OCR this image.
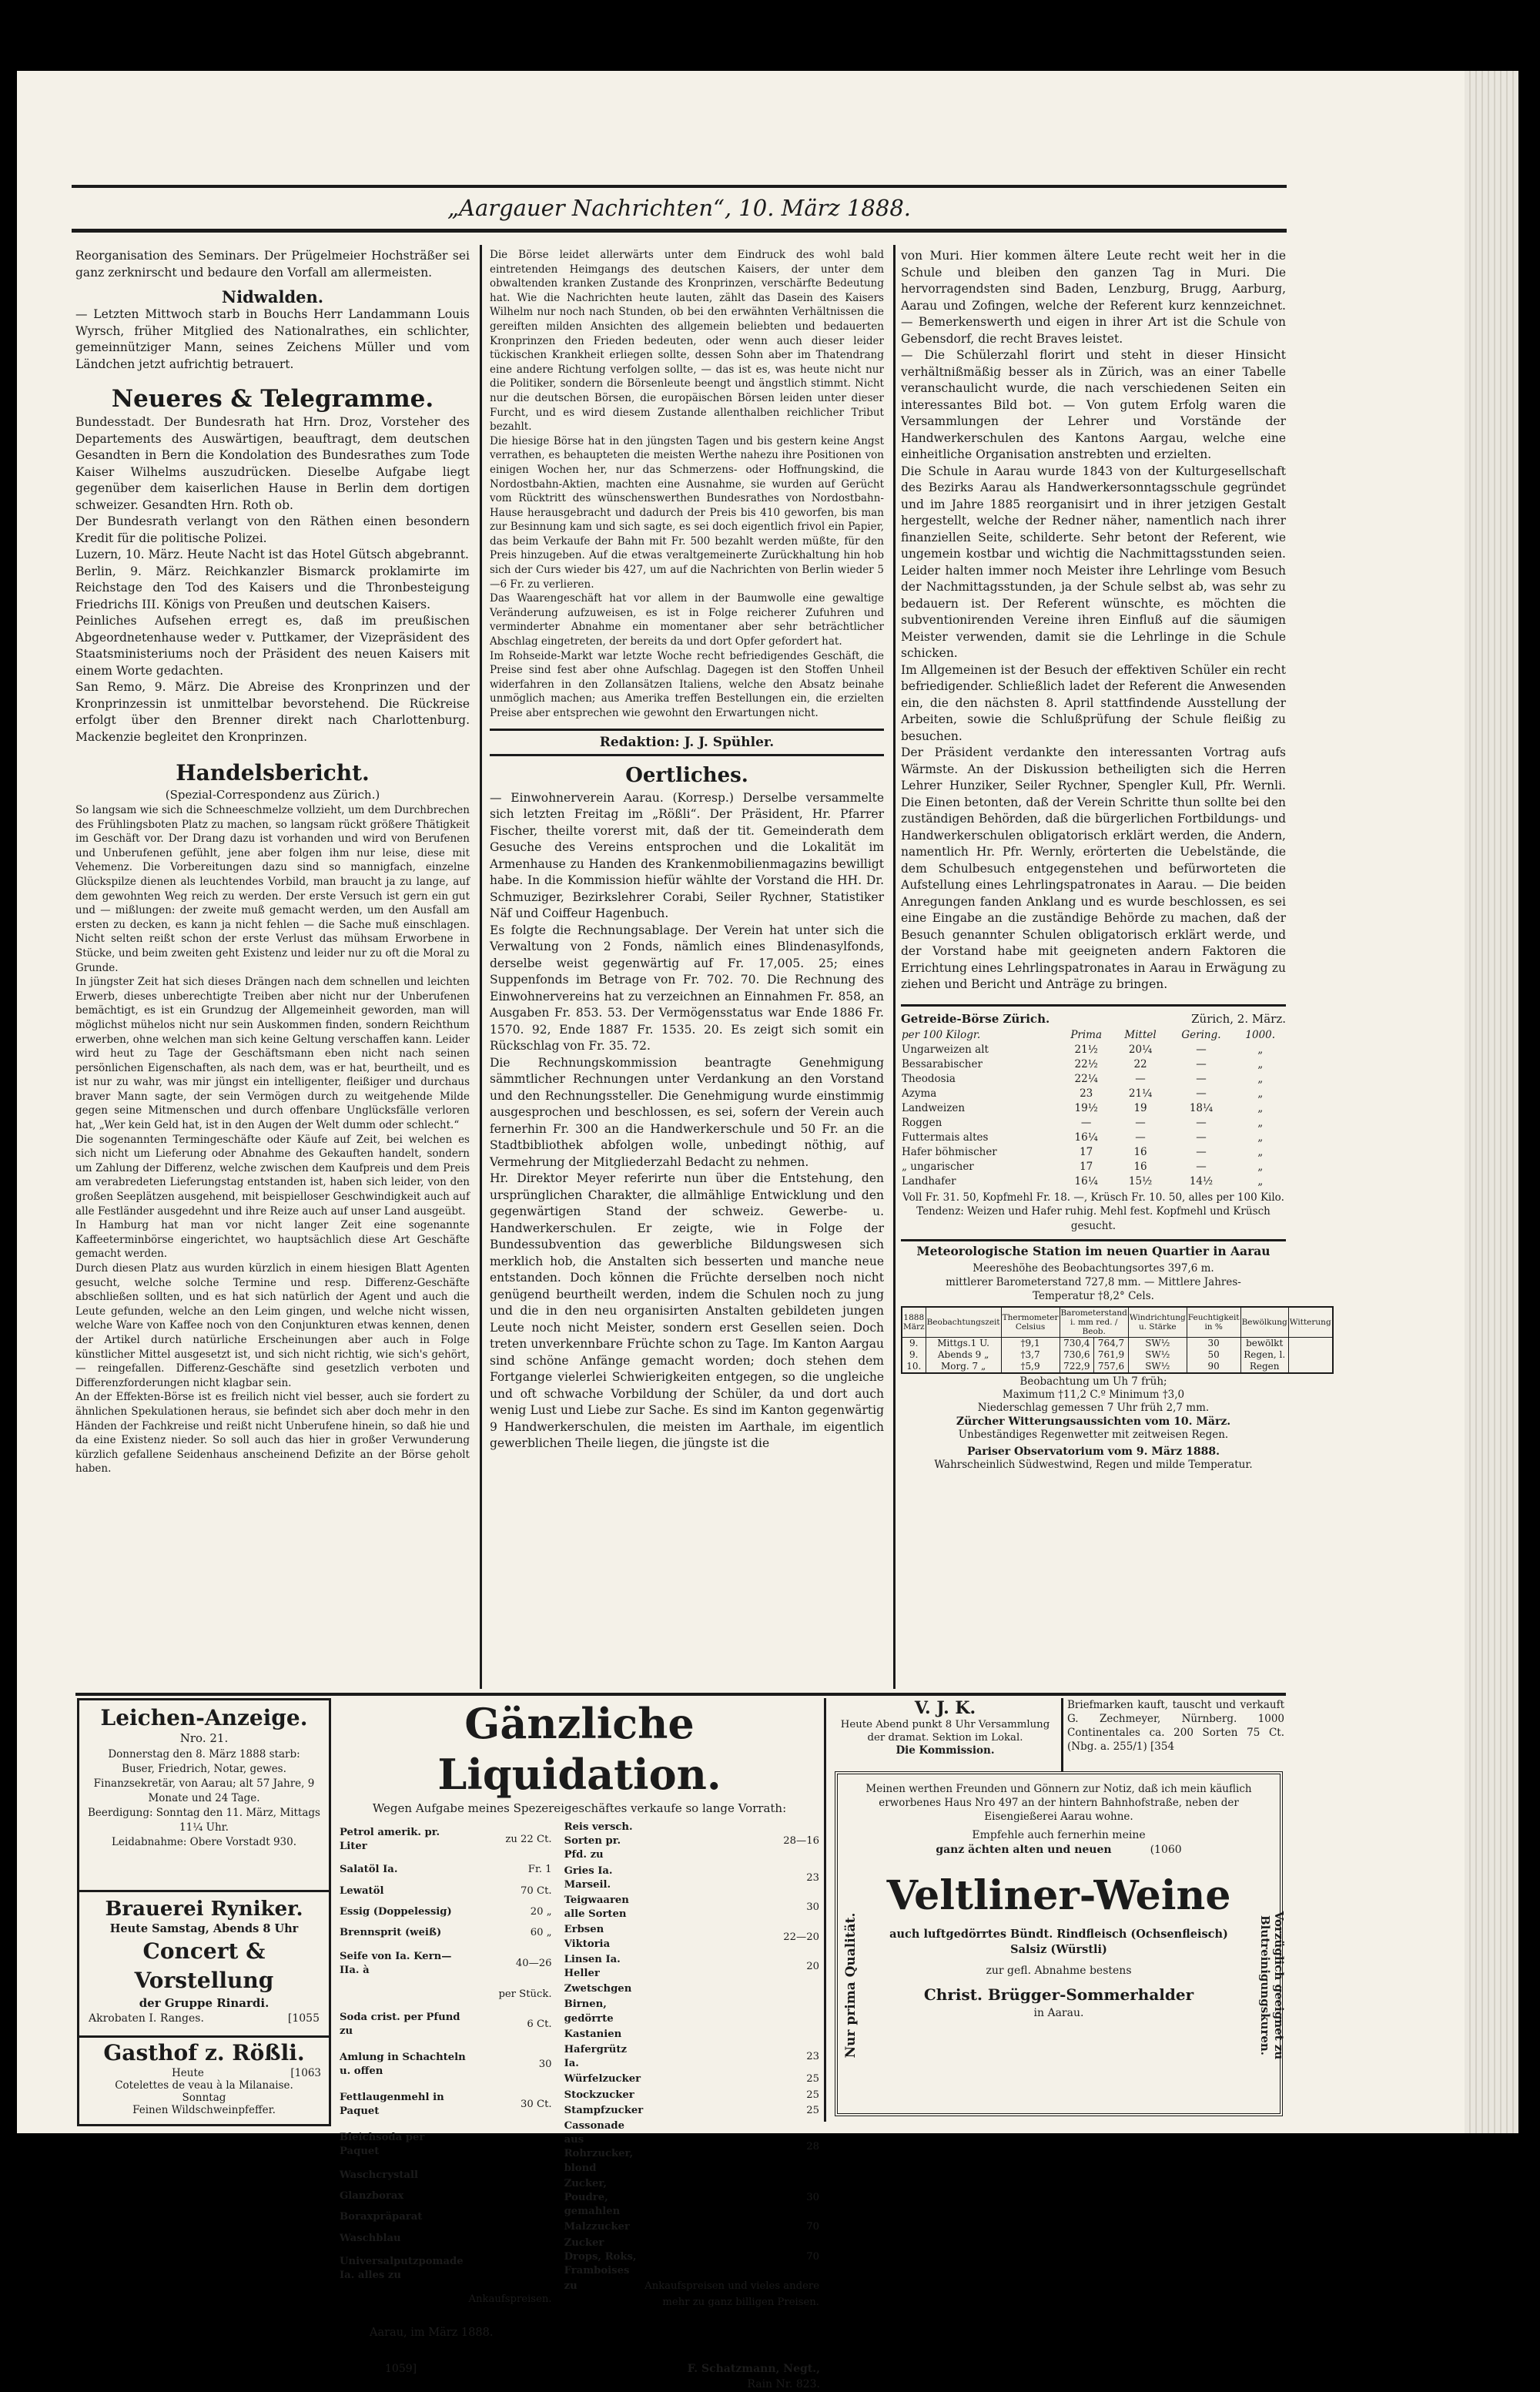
„Aargauer Nachrichten“, 10. März 1888.
Reorganisation des Seminars. Der Prügelmeier Hochsträßer sei ganz zerknirscht und bedaure den Vorfall am allermeisten.
Nidwalden.
— Letzten Mittwoch starb in Bouchs Herr Landammann Louis Wyrsch, früher Mitglied des Nationalrathes, ein schlichter, gemeinnütziger Mann, seines Zeichens Müller und vom Ländchen jetzt aufrichtig betrauert.
Neueres & Telegramme.
Bundesstadt. Der Bundesrath hat Hrn. Droz, Vorsteher des Departements des Auswärtigen, beauftragt, dem deutschen Gesandten in Bern die Kondolation des Bundesrathes zum Tode Kaiser Wilhelms auszudrücken. Dieselbe Aufgabe liegt gegenüber dem kaiserlichen Hause in Berlin dem dortigen schweizer. Gesandten Hrn. Roth ob.
Der Bundesrath verlangt von den Räthen einen besondern Kredit für die politische Polizei.
Luzern, 10. März. Heute Nacht ist das Hotel Gütsch abgebrannt.
Berlin, 9. März. Reichkanzler Bismarck proklamirte im Reichstage den Tod des Kaisers und die Thronbesteigung Friedrichs III. Königs von Preußen und deutschen Kaisers.
Peinliches Aufsehen erregt es, daß im preußischen Abgeordnetenhause weder v. Puttkamer, der Vizepräsident des Staatsministeriums noch der Präsident des neuen Kaisers mit einem Worte gedachten.
San Remo, 9. März. Die Abreise des Kronprinzen und der Kronprinzessin ist unmittelbar bevorstehend. Die Rückreise erfolgt über den Brenner direkt nach Charlottenburg. Mackenzie begleitet den Kronprinzen.
Handelsbericht.
(Spezial-Correspondenz aus Zürich.)
So langsam wie sich die Schneeschmelze vollzieht, um dem Durchbrechen des Frühlingsboten Platz zu machen, so langsam rückt größere Thätigkeit im Geschäft vor. Der Drang dazu ist vorhanden und wird von Berufenen und Unberufenen gefühlt, jene aber folgen ihm nur leise, diese mit Vehemenz. Die Vorbereitungen dazu sind so mannigfach, einzelne Glückspilze dienen als leuchtendes Vorbild, man braucht ja zu lange, auf dem gewohnten Weg reich zu werden. Der erste Versuch ist gern ein gut und — mißlungen: der zweite muß gemacht werden, um den Ausfall am ersten zu decken, es kann ja nicht fehlen — die Sache muß einschlagen. Nicht selten reißt schon der erste Verlust das mühsam Erworbene in Stücke, und beim zweiten geht Existenz und leider nur zu oft die Moral zu Grunde.
In jüngster Zeit hat sich dieses Drängen nach dem schnellen und leichten Erwerb, dieses unberechtigte Treiben aber nicht nur der Unberufenen bemächtigt, es ist ein Grundzug der Allgemeinheit geworden, man will möglichst mühelos nicht nur sein Auskommen finden, sondern Reichthum erwerben, ohne welchen man sich keine Geltung verschaffen kann. Leider wird heut zu Tage der Geschäftsmann eben nicht nach seinen persönlichen Eigenschaften, als nach dem, was er hat, beurtheilt, und es ist nur zu wahr, was mir jüngst ein intelligenter, fleißiger und durchaus braver Mann sagte, der sein Vermögen durch zu weitgehende Milde gegen seine Mitmenschen und durch offenbare Unglücksfälle verloren hat, „Wer kein Geld hat, ist in den Augen der Welt dumm oder schlecht.“
Die sogenannten Termingeschäfte oder Käufe auf Zeit, bei welchen es sich nicht um Lieferung oder Abnahme des Gekauften handelt, sondern um Zahlung der Differenz, welche zwischen dem Kaufpreis und dem Preis am verabredeten Lieferungstag entstanden ist, haben sich leider, von den großen Seeplätzen ausgehend, mit beispielloser Geschwindigkeit auch auf alle Festländer ausgedehnt und ihre Reize auch auf unser Land ausgeübt.
In Hamburg hat man vor nicht langer Zeit eine sogenannte Kaffeeterminbörse eingerichtet, wo hauptsächlich diese Art Geschäfte gemacht werden.
Durch diesen Platz aus wurden kürzlich in einem hiesigen Blatt Agenten gesucht, welche solche Termine und resp. Differenz-Geschäfte abschließen sollten, und es hat sich natürlich der Agent und auch die Leute gefunden, welche an den Leim gingen, und welche nicht wissen, welche Ware von Kaffee noch von den Conjunkturen etwas kennen, denen der Artikel durch natürliche Erscheinungen aber auch in Folge künstlicher Mittel ausgesetzt ist, und sich nicht richtig, wie sich's gehört, — reingefallen. Differenz-Geschäfte sind gesetzlich verboten und Differenzforderungen nicht klagbar sein.
An der Effekten-Börse ist es freilich nicht viel besser, auch sie fordert zu ähnlichen Spekulationen heraus, sie befindet sich aber doch mehr in den Händen der Fachkreise und reißt nicht Unberufene hinein, so daß hie und da eine Existenz nieder. So soll auch das hier in großer Verwunderung kürzlich gefallene Seidenhaus anscheinend Defizite an der Börse geholt haben.
Die Börse leidet allerwärts unter dem Eindruck des wohl bald eintretenden Heimgangs des deutschen Kaisers, der unter dem obwaltenden kranken Zustande des Kronprinzen, verschärfte Bedeutung hat. Wie die Nachrichten heute lauten, zählt das Dasein des Kaisers Wilhelm nur noch nach Stunden, ob bei den erwähnten Verhältnissen die gereiften milden Ansichten des allgemein beliebten und bedauerten Kronprinzen den Frieden bedeuten, oder wenn auch dieser leider tückischen Krankheit erliegen sollte, dessen Sohn aber im Thatendrang eine andere Richtung verfolgen sollte, — das ist es, was heute nicht nur die Politiker, sondern die Börsenleute beengt und ängstlich stimmt. Nicht nur die deutschen Börsen, die europäischen Börsen leiden unter dieser Furcht, und es wird diesem Zustande allenthalben reichlicher Tribut bezahlt.
Die hiesige Börse hat in den jüngsten Tagen und bis gestern keine Angst verrathen, es behaupteten die meisten Werthe nahezu ihre Positionen von einigen Wochen her, nur das Schmerzens- oder Hoffnungskind, die Nordostbahn-Aktien, machten eine Ausnahme, sie wurden auf Gerücht vom Rücktritt des wünschenswerthen Bundesrathes von Nordostbahn-Hause herausgebracht und dadurch der Preis bis 410 geworfen, bis man zur Besinnung kam und sich sagte, es sei doch eigentlich frivol ein Papier, das beim Verkaufe der Bahn mit Fr. 500 bezahlt werden müßte, für den Preis hinzugeben. Auf die etwas veraltgemeinerte Zurückhaltung hin hob sich der Curs wieder bis 427, um auf die Nachrichten von Berlin wieder 5—6 Fr. zu verlieren.
Das Waarengeschäft hat vor allem in der Baumwolle eine gewaltige Veränderung aufzuweisen, es ist in Folge reicherer Zufuhren und verminderter Abnahme ein momentaner aber sehr beträchtlicher Abschlag eingetreten, der bereits da und dort Opfer gefordert hat.
Im Rohseide-Markt war letzte Woche recht befriedigendes Geschäft, die Preise sind fest aber ohne Aufschlag. Dagegen ist den Stoffen Unheil widerfahren in den Zollansätzen Italiens, welche den Absatz beinahe unmöglich machen; aus Amerika treffen Bestellungen ein, die erzielten Preise aber entsprechen wie gewohnt den Erwartungen nicht.
Redaktion: J. J. Spühler.
Oertliches.
— Einwohnerverein Aarau. (Korresp.) Derselbe versammelte sich letzten Freitag im „Rößli“. Der Präsident, Hr. Pfarrer Fischer, theilte vorerst mit, daß der tit. Gemeinderath dem Gesuche des Vereins entsprochen und die Lokalität im Armenhause zu Handen des Krankenmobilienmagazins bewilligt habe. In die Kommission hiefür wählte der Vorstand die HH. Dr. Schmuziger, Bezirkslehrer Corabi, Seiler Rychner, Statistiker Näf und Coiffeur Hagenbuch.
Es folgte die Rechnungsablage. Der Verein hat unter sich die Verwaltung von 2 Fonds, nämlich eines Blindenasylfonds, derselbe weist gegenwärtig auf Fr. 17,005. 25; eines Suppenfonds im Betrage von Fr. 702. 70. Die Rechnung des Einwohnervereins hat zu verzeichnen an Einnahmen Fr. 858, an Ausgaben Fr. 853. 53. Der Vermögensstatus war Ende 1886 Fr. 1570. 92, Ende 1887 Fr. 1535. 20. Es zeigt sich somit ein Rückschlag von Fr. 35. 72.
Die Rechnungskommission beantragte Genehmigung sämmtlicher Rechnungen unter Verdankung an den Vorstand und den Rechnungssteller. Die Genehmigung wurde einstimmig ausgesprochen und beschlossen, es sei, sofern der Verein auch fernerhin Fr. 300 an die Handwerkerschule und 50 Fr. an die Stadtbibliothek abfolgen wolle, unbedingt nöthig, auf Vermehrung der Mitgliederzahl Bedacht zu nehmen.
Hr. Direktor Meyer referirte nun über die Entstehung, den ursprünglichen Charakter, die allmählige Entwicklung und den gegenwärtigen Stand der schweiz. Gewerbe- u. Handwerkerschulen. Er zeigte, wie in Folge der Bundessubvention das gewerbliche Bildungswesen sich merklich hob, die Anstalten sich besserten und manche neue entstanden. Doch können die Früchte derselben noch nicht genügend beurtheilt werden, indem die Schulen noch zu jung und die in den neu organisirten Anstalten gebildeten jungen Leute noch nicht Meister, sondern erst Gesellen seien. Doch treten unverkennbare Früchte schon zu Tage. Im Kanton Aargau sind schöne Anfänge gemacht worden; doch stehen dem Fortgange vielerlei Schwierigkeiten entgegen, so die ungleiche und oft schwache Vorbildung der Schüler, da und dort auch wenig Lust und Liebe zur Sache. Es sind im Kanton gegenwärtig 9 Handwerkerschulen, die meisten im Aarthale, im eigentlich gewerblichen Theile liegen, die jüngste ist die
von Muri. Hier kommen ältere Leute recht weit her in die Schule und bleiben den ganzen Tag in Muri. Die hervorragendsten sind Baden, Lenzburg, Brugg, Aarburg, Aarau und Zofingen, welche der Referent kurz kennzeichnet. — Bemerkenswerth und eigen in ihrer Art ist die Schule von Gebensdorf, die recht Braves leistet.
— Die Schülerzahl florirt und steht in dieser Hinsicht verhältnißmäßig besser als in Zürich, was an einer Tabelle veranschaulicht wurde, die nach verschiedenen Seiten ein interessantes Bild bot. — Von gutem Erfolg waren die Versammlungen der Lehrer und Vorstände der Handwerkerschulen des Kantons Aargau, welche eine einheitliche Organisation anstrebten und erzielten.
Die Schule in Aarau wurde 1843 von der Kulturgesellschaft des Bezirks Aarau als Handwerkersonntagsschule gegründet und im Jahre 1885 reorganisirt und in ihrer jetzigen Gestalt hergestellt, welche der Redner näher, namentlich nach ihrer finanziellen Seite, schilderte. Sehr betont der Referent, wie ungemein kostbar und wichtig die Nachmittagsstunden seien. Leider halten immer noch Meister ihre Lehrlinge vom Besuch der Nachmittagsstunden, ja der Schule selbst ab, was sehr zu bedauern ist. Der Referent wünschte, es möchten die subventionirenden Vereine ihren Einfluß auf die säumigen Meister verwenden, damit sie die Lehrlinge in die Schule schicken.
Im Allgemeinen ist der Besuch der effektiven Schüler ein recht befriedigender. Schließlich ladet der Referent die Anwesenden ein, die den nächsten 8. April stattfindende Ausstellung der Arbeiten, sowie die Schlußprüfung der Schule fleißig zu besuchen.
Der Präsident verdankte den interessanten Vortrag aufs Wärmste. An der Diskussion betheiligten sich die Herren Lehrer Hunziker, Seiler Rychner, Spengler Kull, Pfr. Wernli. Die Einen betonten, daß der Verein Schritte thun sollte bei den zuständigen Behörden, daß die bürgerlichen Fortbildungs- und Handwerkerschulen obligatorisch erklärt werden, die Andern, namentlich Hr. Pfr. Wernly, erörterten die Uebelstände, die dem Schulbesuch entgegenstehen und befürworteten die Aufstellung eines Lehrlingspatronates in Aarau. — Die beiden Anregungen fanden Anklang und es wurde beschlossen, es sei eine Eingabe an die zuständige Behörde zu machen, daß der Besuch genannter Schulen obligatorisch erklärt werde, und der Vorstand habe mit geeigneten andern Faktoren die Errichtung eines Lehrlingspatronates in Aarau in Erwägung zu ziehen und Bericht und Anträge zu bringen.
Getreide-Börse Zürich.	Zürich, 2. März.
per 100 Kilogr.	Prima	Mittel	Gering.	1000.
Ungarweizen alt	21½	20¼	—	„
Bessarabischer	22½	22	—	„
Theodosia	22¼	—	—	„
Azyma	23	21¼	—	„
Landweizen	19½	19	18¼	„
Roggen	—	—	—	„
Futtermais altes	16¼	—	—	„
Hafer böhmischer	17	16	—	„
„ ungarischer	17	16	—	„
Landhafer	16¼	15½	14½	„
Voll Fr. 31. 50, Kopfmehl Fr. 18. —, Krüsch Fr. 10. 50, alles per 100 Kilo.
Tendenz: Weizen und Hafer ruhig. Mehl fest. Kopfmehl und Krüsch gesucht.
Meteorologische Station im neuen Quartier in Aarau
Meereshöhe des Beobachtungsortes 397,6 m.
mittlerer Barometerstand 727,8 mm. — Mittlere Jahres-
Temperatur †8,2° Cels.
1888 März	Beobachtungszeit	Thermometer Celsius	Barometerstand i. mm red. / Beob.		Windrichtung u. Stärke	Feuchtigkeit in %	Bewölkung	Witterung
9.	Mittgs.1 U.	†9,1	730,4	764,7	SW½	30	bewölkt	
9.	Abends 9 „	†3,7	730,6	761,9	SW½	50	Regen, l.	
10.	Morg. 7 „	†5,9	722,9	757,6	SW½	90	Regen	
Beobachtung um Uh 7 früh;
Maximum †11,2 C.º Minimum †3,0
Niederschlag gemessen 7 Uhr früh 2,7 mm.
Zürcher Witterungsaussichten vom 10. März.
Unbeständiges Regenwetter mit zeitweisen Regen.
Pariser Observatorium vom 9. März 1888.
Wahrscheinlich Südwestwind, Regen und milde Temperatur.
Leichen-Anzeige.
Nro. 21.
Donnerstag den 8. März 1888 starb:
Buser, Friedrich, Notar, gewes. Finanzsekretär, von Aarau; alt 57 Jahre, 9 Monate und 24 Tage.
Beerdigung: Sonntag den 11. März, Mittags 11¼ Uhr.
Leidabnahme: Obere Vorstadt 930.
Brauerei Ryniker.
Heute Samstag, Abends 8 Uhr
Concert & Vorstellung
der Gruppe Rinardi.
Akrobaten I. Ranges.	[1055
Gasthof z. Rößli.
Heute	[1063
Cotelettes de veau à la Milanaise.
Sonntag
Feinen Wildschweinpfeffer.
Gänzliche Liquidation.
Wegen Aufgabe meines Spezereigeschäftes verkaufe so lange Vorrath:
Petrol amerik. pr. Liter	zu 22 Ct.
Salatöl Ia.	Fr. 1
Lewatöl	70 Ct.
Essig (Doppelessig)	20 „
Brennsprit (weiß)	60 „
Seife von Ia. Kern—IIa. à	40—26
	per Stück.
Soda crist. per Pfund zu	6 Ct.
Amlung in Schachteln u. offen	30
Fettlaugenmehl in Paquet	30 Ct.
Bleichsoda per Paquet	
Waschcrystall	
Glanzborax	
Boraxpräparat	
Waschblau	
Universalputzpomade Ia. alles zu	
	Ankaufspreisen.
Reis versch. Sorten pr. Pfd. zu	28—16
Gries Ia. Marseil.	23
Teigwaaren alle Sorten	30
Erbsen Viktoria	22—20
Linsen Ia. Heller	20
Zwetschgen	
Birnen, gedörrte	
Kastanien	
Hafergrütz Ia.	23
Würfelzucker	25
Stockzucker	25
Stampfzucker	25
Cassonade aus Rohrzucker, blond	28
Zucker, Poudre, gemahlen	30
Malzzucker	70
Zucker Drops, Roks, Framboises	70
zu	Ankaufspreisen und vieles andere
	mehr zu ganz billigen Preisen.
Aarau, im März 1888.
1059]	F. Schatzmann, Negt.,
Rain Nr. 823.
V. J. K.
Heute Abend punkt 8 Uhr Versammlung der dramat. Sektion im Lokal.
Die Kommission.
Briefmarken kauft, tauscht und verkauft G. Zechmeyer, Nürnberg. 1000 Continentales ca. 200 Sorten 75 Ct. (Nbg. a. 255/1) [354
Meinen werthen Freunden und Gönnern zur Notiz, daß ich mein käuflich erworbenes Haus Nro 497 an der hintern Bahnhofstraße, neben der Eisengießerei Aarau wohne.
Empfehle auch fernerhin meine
ganz ächten alten und neuen	(1060
Veltliner-Weine
auch luftgedörrtes Bündt. Rindfleisch (Ochsenfleisch)
Salsiz (Würstli)
zur gefl. Abnahme bestens
Christ. Brügger-Sommerhalder
in Aarau.
Nur prima Qualität.	Vorzüglich geeignet zu Blutreinigungskuren.
